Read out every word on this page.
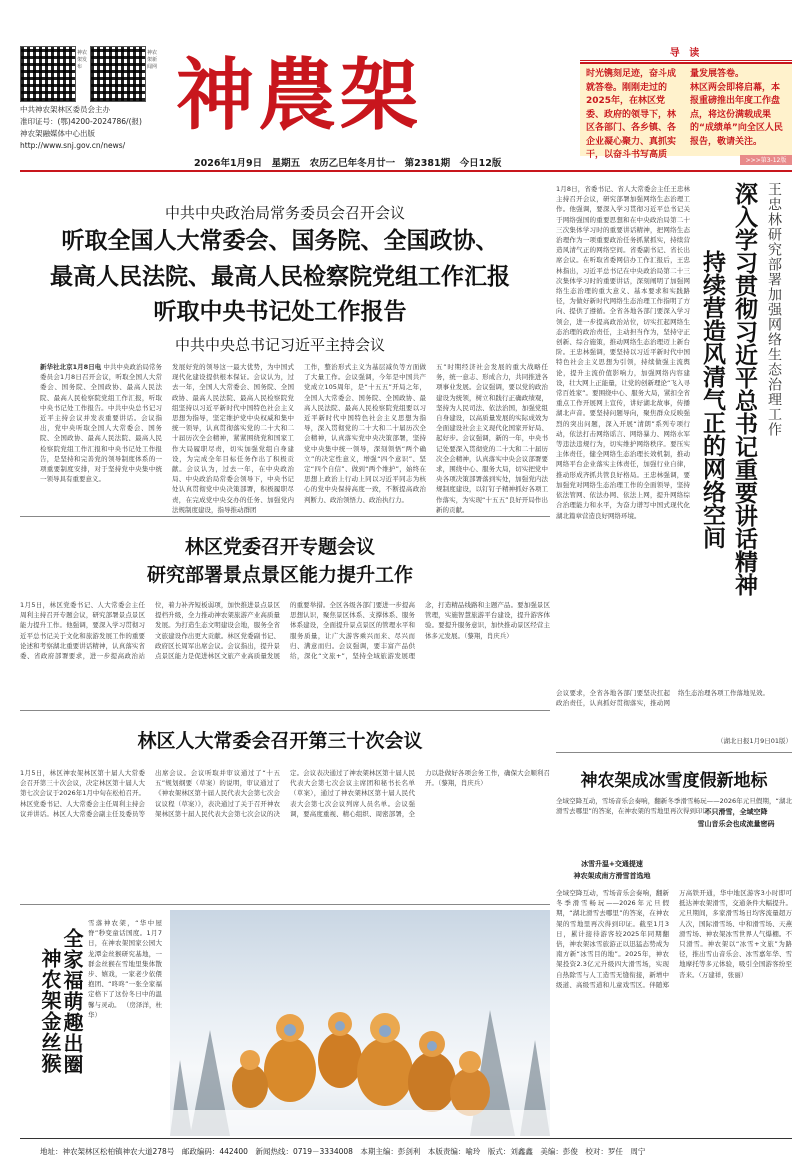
神农架发布
神农架新闻网
中共神农架林区委员会主办
准印证号：(鄂)4200-2024786/(报)
神农架融媒体中心出版
http://www.snj.gov.cn/news/
神農架
2026年1月9日　星期五　农历乙巳年冬月廿一　第2381期　今日12版
导 读
时光镌刻足迹，奋斗成就答卷。刚刚走过的2025年，在林区党委、政府的领导下，林区各部门、各乡镇、各企业凝心聚力、真抓实干，以奋斗书写高质
量发展答卷。
林区两会即将启幕，本报重磅推出年度工作盘点，将这份满载成果的“成绩单”向全区人民报告，敬请关注。
>>>第3-12版
中共中央政治局常务委员会召开会议
听取全国人大常委会、国务院、全国政协、
最高人民法院、最高人民检察院党组工作汇报
听取中央书记处工作报告
中共中央总书记习近平主持会议
新华社北京1月8日电 中共中央政治局常务委员会1月8日召开会议，听取全国人大常委会、国务院、全国政协、最高人民法院、最高人民检察院党组工作汇报，听取中央书记处工作报告。中共中央总书记习近平主持会议并发表重要讲话。会议指出，党中央听取全国人大常委会、国务院、全国政协、最高人民法院、最高人民检察院党组工作汇报和中央书记处工作报告，是坚持和完善党的领导制度体系的一项重要制度安排，对于坚持党中央集中统一领导具有重要意义。
发展好党的领导这一最大优势，为中国式现代化建设提供根本保证。会议认为，过去一年，全国人大常委会、国务院、全国政协、最高人民法院、最高人民检察院党组坚持以习近平新时代中国特色社会主义思想为指导，坚定维护党中央权威和集中统一领导，认真贯彻落实党的二十大和二十届历次全会精神，紧紧围绕党和国家工作大局履职尽责，切实加强党组自身建设，为完成全年目标任务作出了积极贡献。会议认为，过去一年，在中央政治局、中央政治局常委会领导下，中央书记处认真贯彻党中央决策部署，积极履职尽责，在完成党中央交办的任务、加强党内法规制度建设，指导推动群团
工作，整治形式主义为基层减负等方面做了大量工作。会议强调，今年是中国共产党成立105周年，是“十五五”开局之年，全国人大常委会、国务院、全国政协、最高人民法院、最高人民检察院党组要以习近平新时代中国特色社会主义思想为指导，深入贯彻党的二十大和二十届历次全会精神，认真落实党中央决策部署，坚持党中央集中统一领导，深刻领悟“两个确立”的决定性意义，增强“四个意识”、坚定“四个自信”、做到“两个维护”，始终在思想上政治上行动上同以习近平同志为核心的党中央保持高度一致，不断提高政治判断力、政治领悟力、政治执行力。
五”时期经济社会发展的重大战略任务，统一意志、形成合力，共同推进各项事业发展。会议强调，要以党的政治建设为统领，树立和践行正确政绩观，坚持为人民司法、依法治国，加强党组自身建设，以高质量发展的实际成效为全面建设社会主义现代化国家开好局、起好步。会议强调，新的一年，中央书记处要深入贯彻党的二十大和二十届历次全会精神，认真落实中央会议部署要求，围绕中心、服务大局，切实把党中央各项决策部署落到实处，加强党内法规制度建设，以钉钉子精神抓好各项工作落实，为实现“十五五”良好开局作出新的贡献。
林区党委召开专题会议
研究部署景点景区能力提升工作
1月5日，林区党委书记、人大常委会主任周利主持召开专题会议，研究部署景点景区能力提升工作。他强调，要深入学习贯彻习近平总书记关于文化和旅游发展工作的重要论述和考察湖北重要讲话精神，认真落实省委、省政府部署要求，进一步提高政治站位，着力补齐短板弱项，加快推进景点景区提档升级，全力推动神农架旅游产业高质量发展。为打造生态文明建设会地，服务全省文旅建设作出更大贡献。林区党委副书记、政府区长周军出席会议。会议指出，提升景点景区能力是促进林区文旅产业高质量发展的重要举措。全区各级各部门要进一步提高思想认识，聚焦景区体系、支撑体系、服务体系建设，全面提升景点景区的管理水平和服务质量，让广大游客乘兴而来、尽兴而归、满意而归。会议强调，要丰富产品供给，深化“文旅+”，坚持全域旅游发展理念，打造精品线路和主题产品。要加强景区管理，实施智慧旅游平台建设，提升游客体验。要提升服务意识，加快推动景区经营主体多元发展。（黎翔，肖庆兵）
林区人大常委会召开第三十次会议
1月5日，林区神农架林区第十届人大常委会召开第三十次会议，决定林区第十届人大第七次会议于2026年1月中旬在松柏召开。林区党委书记、人大常委会主任周利主持会议并讲话。林区人大常委会副主任及委员等出席会议。会议听取并审议通过了“十五五”规划纲要（草案）的说明，审议通过了《神农架林区第十届人民代表大会第七次会议议程（草案）》，表决通过了关于召开神农架林区第十届人民代表大会第七次会议的决定。会议表决通过了神农架林区第十届人民代表大会第七次会议主席团和秘书长名单（草案），通过了神农架林区第十届人民代表大会第七次会议列席人员名单。会议强调，要高度重视、精心组织、周密部署，全力以赴做好各项会务工作，确保大会顺利召开。（黎翔，肖庆兵）
全家福萌趣出圈
神农架金丝猴
雪落神农架，“华中屋脊”秒变童话国度。1月7日，在神农架国家公园大龙潭金丝猴研究基地，一群金丝猴在雪地里集体散步、嬉戏，一家老少依偎抱团、“咚咚”一张全家福定格下了这份冬日中的温馨与灵动。 （房泽洋，杜华）
王忠林研究部署加强网络生态治理工作
深入学习贯彻习近平总书记重要讲话精神
持续营造风清气正的网络空间
1月8日，省委书记、省人大常委会主任王忠林主持召开会议，研究部署加强网络生态治理工作。他强调，要深入学习贯彻习近平总书记关于网络强国的重要思想和在中央政治局第二十三次集体学习时的重要讲话精神，把网络生态治理作为一项重要政治任务抓紧抓实，持续营造风清气正的网络空间。省委副书记、省长出席会议。在听取省委网信办工作汇报后，王忠林指出，习近平总书记在中央政治局第二十三次集体学习时的重要讲话，深刻阐明了加强网络生态治理的重大意义、基本要求和实践路径，为做好新时代网络生态治理工作指明了方向、提供了遵循。全省各地各部门要深入学习领会，进一步提高政治站位，切实扛起网络生态治理的政治责任，主动担当作为，坚持守正创新、综合施策，推动网络生态治理迈上新台阶。王忠林强调，要坚持以习近平新时代中国特色社会主义思想为引领，持续做强主流舆论，提升主流价值影响力，加强网络内容建设，壮大网上正能量，让党的创新理论“飞入寻常百姓家”。要围绕中心、服务大局，紧扣全省重点工作开展网上宣传，讲好湖北故事，传播湖北声音。要坚持问题导向，聚焦群众反映强烈的突出问题，深入开展“清朗”系列专项行动，依法打击网络谣言、网络暴力、网络水军等违法违规行为，切实维护网络秩序。要压实主体责任，健全网络生态治理长效机制，推动网络平台企业落实主体责任，加强行业自律，推动形成齐抓共管良好格局。王忠林强调，要加强党对网络生态治理工作的全面领导，坚持依法管网、依法办网、依法上网，提升网络综合治理能力和水平，为奋力谱写中国式现代化湖北篇章营造良好网络环境。
会议要求，全省各地各部门要坚决扛起政治责任，认真抓好贯彻落实，推动网络生态治理各项工作落地见效。
（湖北日报1月9日01版）
神农架成冰雪度假新地标
冰雪升温+交通提速
神农架成南方滑雪首选地
不只滑雪，全域空降
雪山音乐会也成流量密码
全域空降互动，雪场音乐会奏响，翻新冬季滑雪畅玩——2026年元旦假期，“湖北滑雪去哪里”的答案，在神农架的雪地里再次得到印证。
全域空降互动，雪场音乐会奏响，翻新冬季滑雪畅玩——2026年元旦假期，“湖北滑雪去哪里”的答案，在神农架的雪地里再次得到印证。截至1月3日，累计接待游客较2025年同期翻倍，神农架冰雪旅游正以迅猛态势成为南方新“冰雪目的地”。2025年，神农架投资2.3亿元升级四大滑雪场，实现自热除雪与人工造雪无缝衔接，新增中级道、高级雪道和儿童戏雪区。伴随郑万高铁开通，华中地区游客3小时即可抵达神农架滑雪，交通条件大幅提升。元旦期间，多家滑雪场日均客流量超万人次，国际滑雪场、中和滑雪场、天燕滑雪场、神农架冰雪世界人气爆棚。不只滑雪。神农架以“冰雪+文旅”为路径，推出雪山音乐会、冰雪嘉年华、雪地摩托等多元体验，吸引全国游客纷至沓来。（万建祥，张丽）
地址：神农架林区松柏镇神农大道278号　邮政编码：442400　新闻热线：0719－3334008　本期主编：彭剑利　本版责编：喻玲　版式：刘鑫鑫　美编：彭俊　校对：罗任　周宁
